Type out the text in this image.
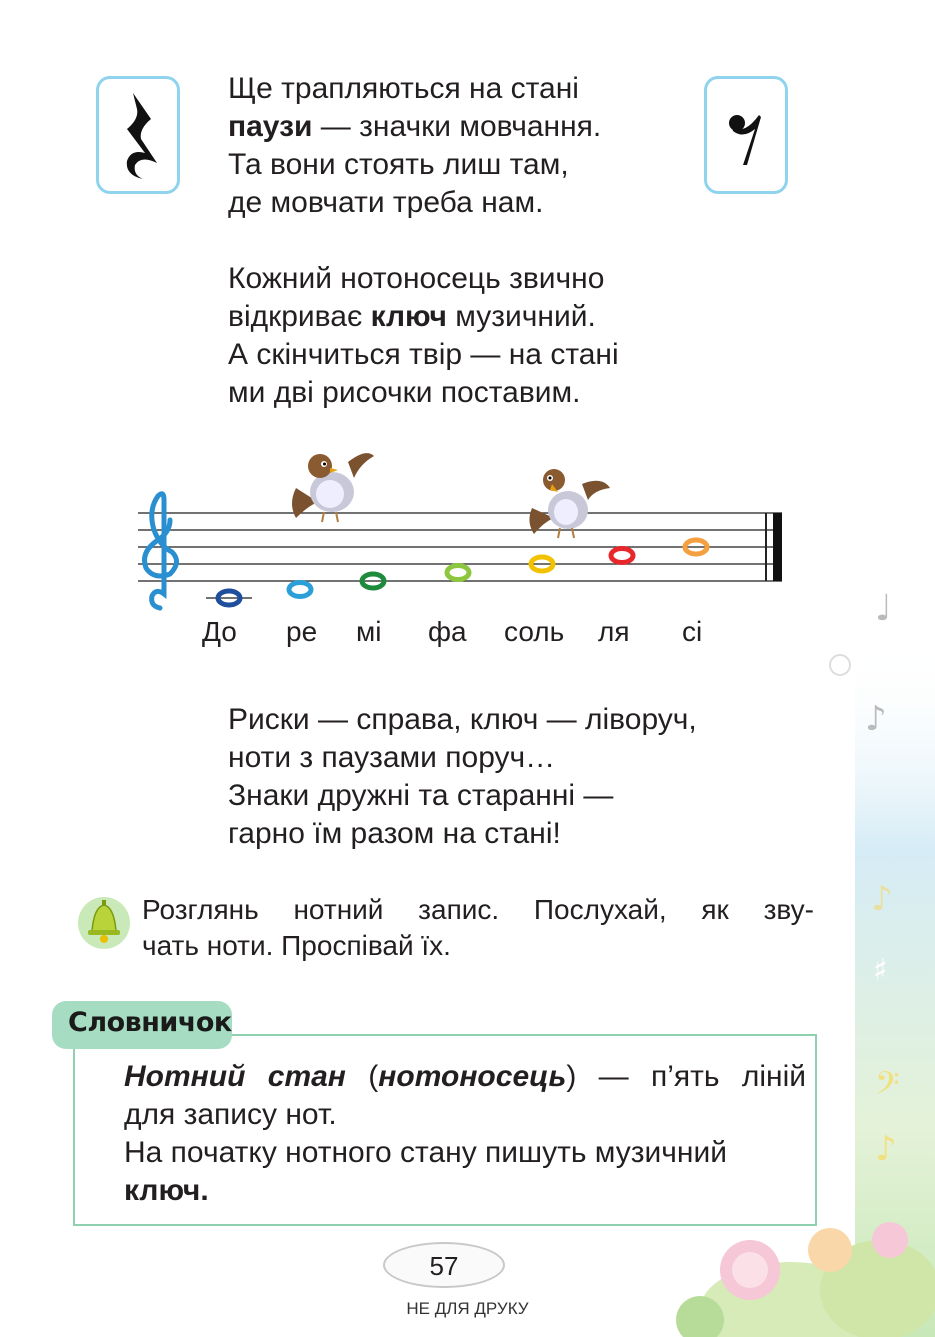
Ще трапляються на стані
паузи — значки мовчання.
Та вони стоять лиш там,
де мовчати треба нам.
Кожний нотоносець звично
відкриває ключ музичний.
А скінчиться твір — на стані
ми дві рисочки поставим.
До ре мі фа соль ля сі
Риски — справа, ключ — ліворуч,
ноти з паузами поруч…
Знаки дружні та старанні —
гарно їм разом на стані!
Розглянь нотний запис. Послухай, як зву-
чать ноти. Проспівай їх.
Словничок
Нотний стан (нотоносець) — п’ять ліній
для запису нот.
На початку нотного стану пишуть музичний
ключ.
♩
♪
♪
♯
𝄢
♪
57
НЕ ДЛЯ ДРУКУ
